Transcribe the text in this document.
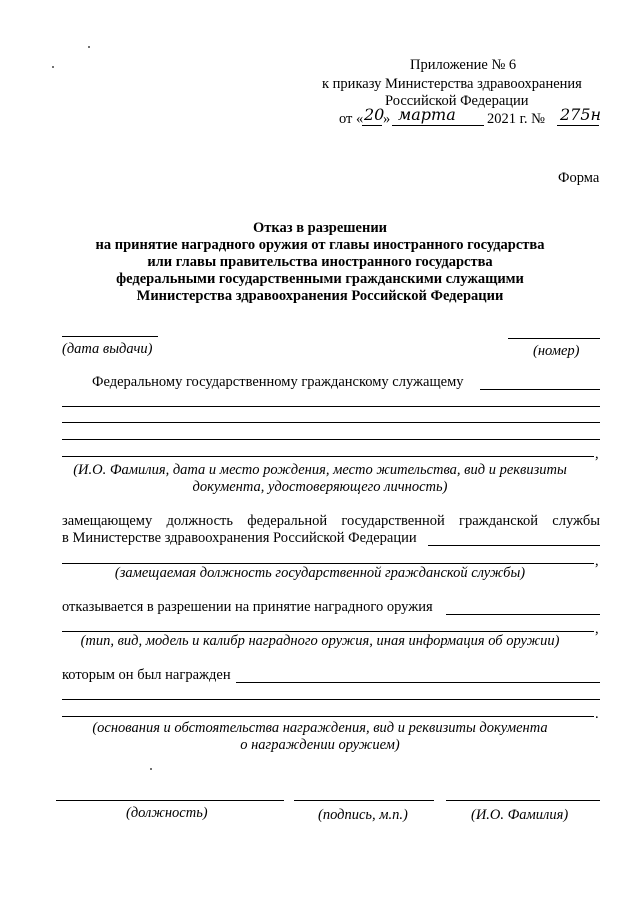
Приложение № 6
к приказу Министерства здравоохранения
Российской Федерации
от « 20
» марта 2021 г. № 275н
Форма
Отказ в разрешении
на принятие наградного оружия от главы иностранного государства
или главы правительства иностранного государства
федеральными государственными гражданскими служащими
Министерства здравоохранения Российской Федерации
(дата выдачи)	(номер)
Федеральному государственному гражданскому служащему
,
(И.О. Фамилия, дата и место рождения, место жительства, вид и реквизиты
документа, удостоверяющего личность)
замещающему должность федеральной государственной гражданской службы
в Министерстве здравоохранения Российской Федерации
,
(замещаемая должность государственной гражданской службы)
отказывается в разрешении на принятие наградного оружия
,
(тип, вид, модель и калибр наградного оружия, иная информация об оружии)
которым он был награжден
.
(основания и обстоятельства награждения, вид и реквизиты документа
о награждении оружием)
(должность)	(подпись, м.п.)	(И.О. Фамилия)
